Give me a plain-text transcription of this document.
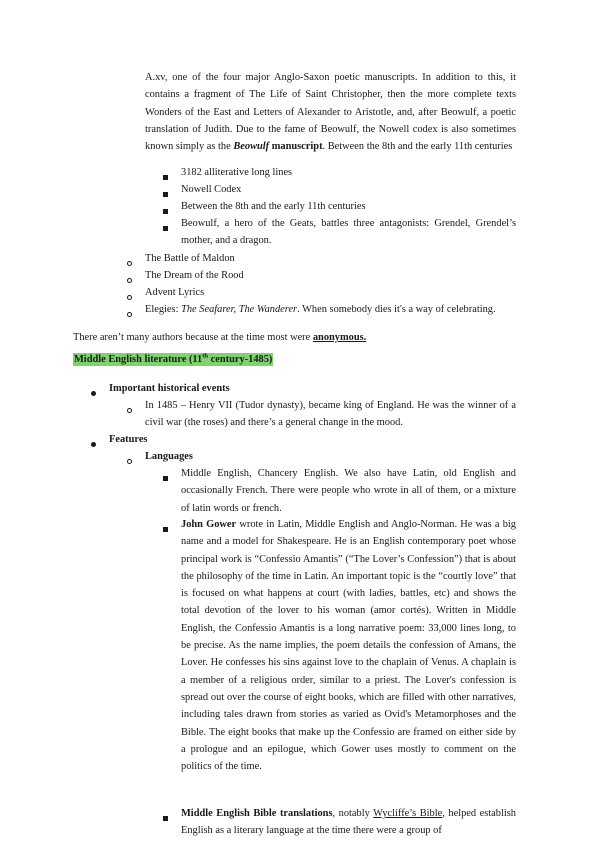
A.xv, one of the four major Anglo-Saxon poetic manuscripts. In addition to this, it contains a fragment of The Life of Saint Christopher, then the more complete texts Wonders of the East and Letters of Alexander to Aristotle, and, after Beowulf, a poetic translation of Judith. Due to the fame of Beowulf, the Nowell codex is also sometimes known simply as the Beowulf manuscript. Between the 8th and the early 11th centuries
3182 alliterative long lines
Nowell Codex
Between the 8th and the early 11th centuries
Beowulf, a hero of the Geats, battles three antagonists: Grendel, Grendel’s mother, and a dragon.
The Battle of Maldon
The Dream of the Rood
Advent Lyrics
Elegies: The Seafarer, The Wanderer. When somebody dies it's a way of celebrating.
There aren’t many authors because at the time most were anonymous.
Middle English literature (11th century-1485)
Important historical events
In 1485 – Henry VII (Tudor dynasty), became king of England. He was the winner of a civil war (the roses) and there’s a general change in the mood.
Features
Languages
Middle English, Chancery English. We also have Latin, old English and occasionally French. There were people who wrote in all of them, or a mixture of latin words or french.
John Gower wrote in Latin, Middle English and Anglo-Norman. He was a big name and a model for Shakespeare. He is an English contemporary poet whose principal work is “Confessio Amantis” (“The Lover’s Confession”) that is about the philosophy of the time in Latin. An important topic is the “courtly love” that is focused on what happens at court (with ladies, battles, etc) and shows the total devotion of the lover to his woman (amor cortés). Written in Middle English, the Confessio Amantis is a long narrative poem: 33,000 lines long, to be precise. As the name implies, the poem details the confession of Amans, the Lover. He confesses his sins against love to the chaplain of Venus. A chaplain is a member of a religious order, similar to a priest. The Lover's confession is spread out over the course of eight books, which are filled with other narratives, including tales drawn from stories as varied as Ovid's Metamorphoses and the Bible. The eight books that make up the Confessio are framed on either side by a prologue and an epilogue, which Gower uses mostly to comment on the politics of the time.
Middle English Bible translations, notably Wycliffe’s Bible, helped establish English as a literary language at the time there were a group of
